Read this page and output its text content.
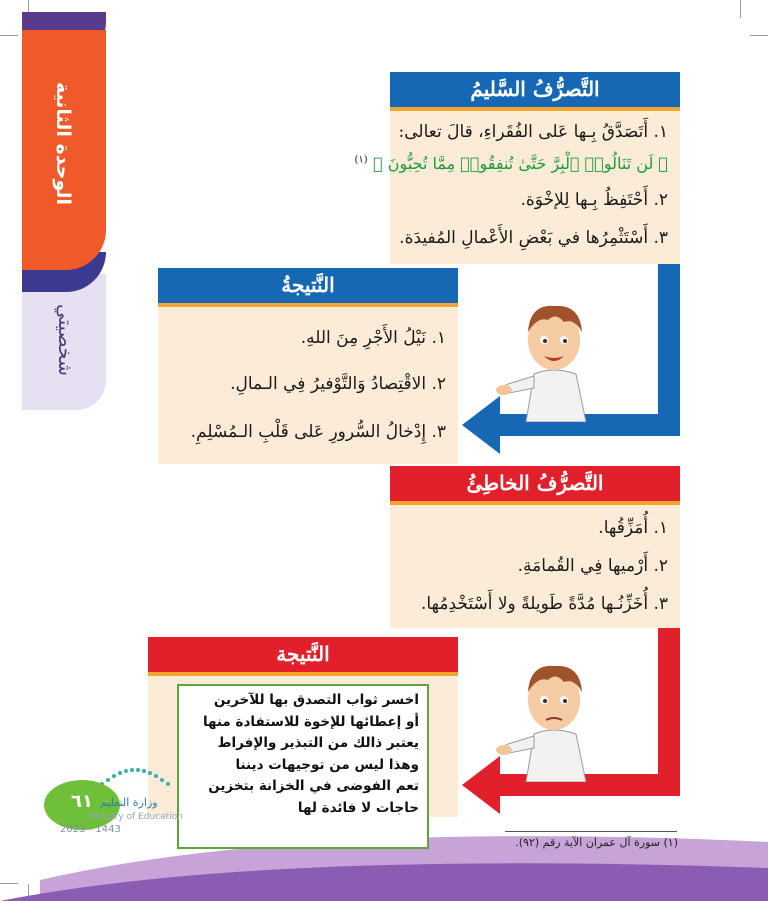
الوحدة الثانية
شخصيتي
التَّصرُّفُ السَّليمُ
١. أَتَصَدَّقُ بِـها عَلى الفُقَراءِ، قالَ تعالى:
﴿ لَن تَنَالُوا۟ ٱلْبِرَّ حَتَّىٰ تُنفِقُوا۟ مِمَّا تُحِبُّونَ ﴾ $^{(١)}$
٢. أَحْتَفِظُ بِـها لِلإخْوَة.
٣. أَسْتَثْمِرُها في بَعْضِ الأَعْمالِ المُفيدَة.
النَّتيجةُ
١. نَيْلُ الأَجْرِ مِنَ اللهِ.
٢. الاقْتِصادُ وَالتَّوْفيرُ فِي الـمالِ.
٣. إِدْخالُ السُّرورِ عَلى قَلْبِ الـمُسْلِمِ.
التَّصرُّفُ الخاطِئُ
١. أُمَزِّقُها.
٢. أَرْميها فِي القُمامَةِ.
٣. أُخَزِّنُـها مُدَّةً طَويلةً ولا أَسْتَخْدِمُها.
النَّتيجة
اخسر ثواب التصدق بها للآخرين
أو إعطائها للإخوة للاستفادة منها
يعتبر ذالك من التبذير والإفراط
وهذا ليس من توجيهات ديننا
تعم الفوضى في الخزانة بتخزين
حاجات لا فائدة لها
(١) سورة آل عمران الآية رقم (٩٢).
٦١ وزارة التعليم
Ministry of Education
2023 - 1443
